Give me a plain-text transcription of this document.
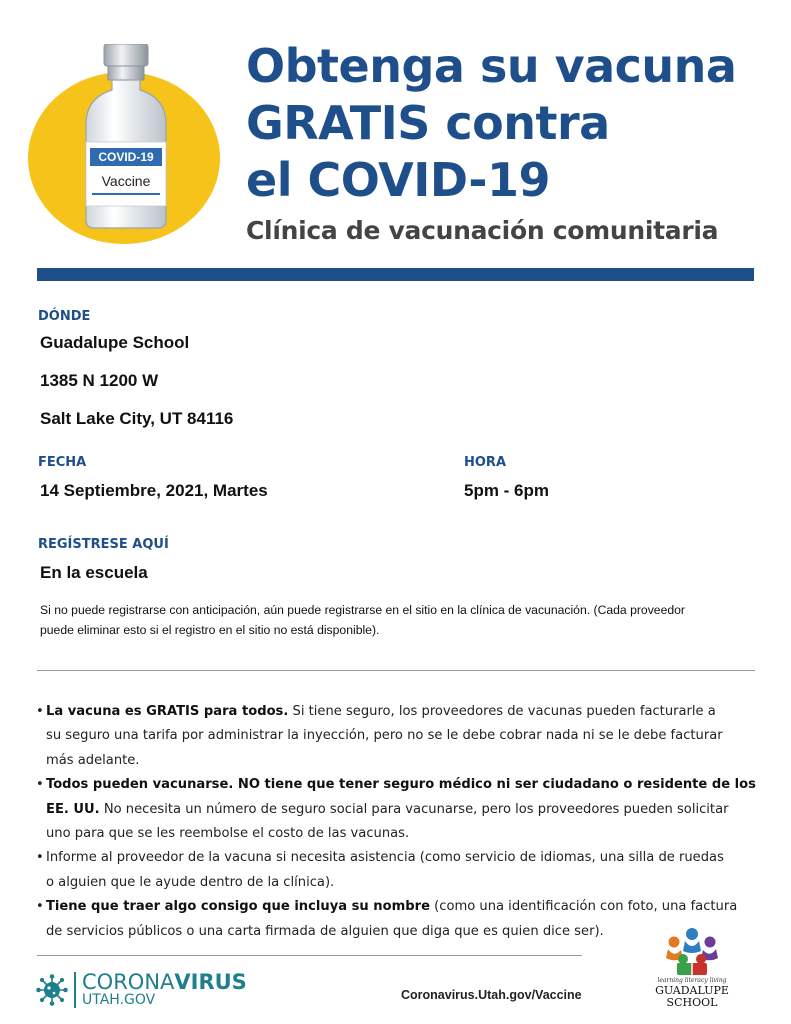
COVID-19
Vaccine
Obtenga su vacuna
GRATIS contra
el COVID-19
Clínica de vacunación comunitaria
DÓNDE
Guadalupe School
1385 N 1200 W
Salt Lake City, UT 84116
FECHA
14 Septiembre, 2021, Martes
HORA
5pm - 6pm
REGÍSTRESE AQUÍ
En la escuela
Si no puede registrarse con anticipación, aún puede registrarse en el sitio en la clínica de vacunación. (Cada proveedor
puede eliminar esto si el registro en el sitio no está disponible).
• La vacuna es GRATIS para todos. Si tiene seguro, los proveedores de vacunas pueden facturarle a
su seguro una tarifa por administrar la inyección, pero no se le debe cobrar nada ni se le debe facturar
más adelante.
• Todos pueden vacunarse. NO tiene que tener seguro médico ni ser ciudadano o residente de los
EE. UU. No necesita un número de seguro social para vacunarse, pero los proveedores pueden solicitar
uno para que se les reembolse el costo de las vacunas.
• Informe al proveedor de la vacuna si necesita asistencia (como servicio de idiomas, una silla de ruedas
o alguien que le ayude dentro de la clínica).
• Tiene que traer algo consigo que incluya su nombre (como una identificación con foto, una factura
de servicios públicos o una carta firmada de alguien que diga que es quien dice ser).
CORONAVIRUS
UTAH.GOV	Coronavirus.Utah.gov/Vaccine
learning literacy living
GUADALUPE
SCHOOL
